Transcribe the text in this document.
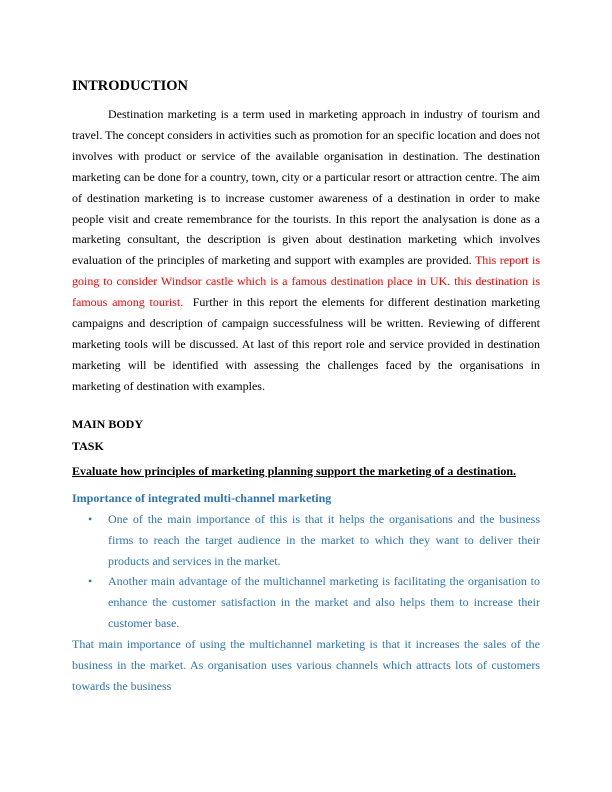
INTRODUCTION

Destination marketing is a term used in marketing approach in industry of tourism and travel. The concept considers in activities such as promotion for an specific location and does not involves with product or service of the available organisation in destination. The destination marketing can be done for a country, town, city or a particular resort or attraction centre. The aim of destination marketing is to increase customer awareness of a destination in order to make people visit and create remembrance for the tourists. In this report the analysation is done as a marketing consultant, the description is given about destination marketing which involves evaluation of the principles of marketing and support with examples are provided. This report is going to consider Windsor castle which is a famous destination place in UK. this destination is famous among tourist. Further in this report the elements for different destination marketing campaigns and description of campaign successfulness will be written. Reviewing of different marketing tools will be discussed. At last of this report role and service provided in destination marketing will be identified with assessing the challenges faced by the organisations in marketing of destination with examples.

MAIN BODY
TASK
Evaluate how principles of marketing planning support the marketing of a destination.
Importance of integrated multi-channel marketing
• One of the main importance of this is that it helps the organisations and the business firms to reach the target audience in the market to which they want to deliver their products and services in the market.
• Another main advantage of the multichannel marketing is facilitating the organisation to enhance the customer satisfaction in the market and also helps them to increase their customer base.

That main importance of using the multichannel marketing is that it increases the sales of the business in the market. As organisation uses various channels which attracts lots of customers towards the business
